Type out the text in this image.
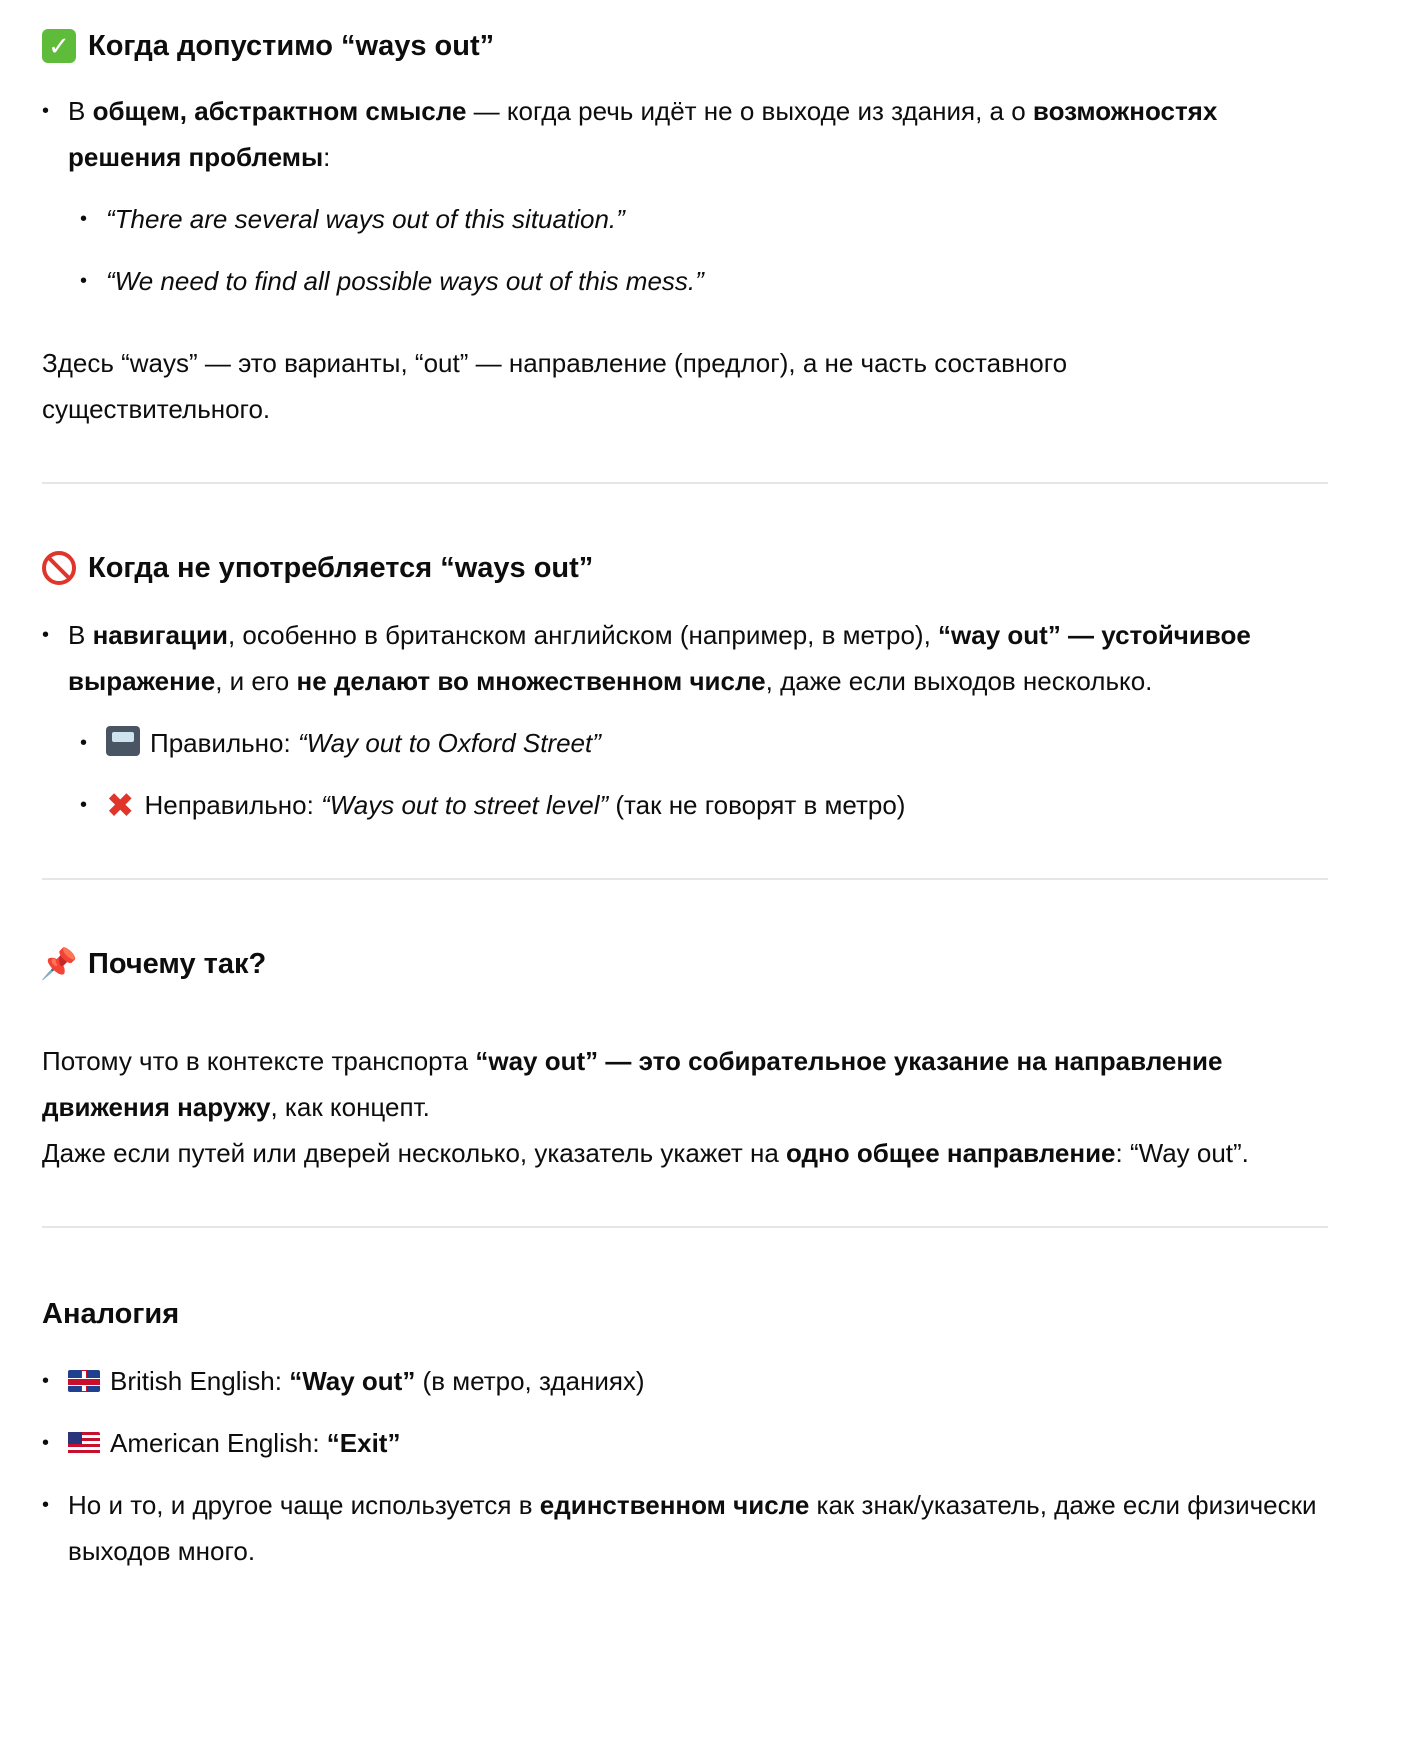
✓ Когда допустимо “ways out”
• В общем, абстрактном смысле — когда речь идёт не о выходе из здания, а о возможностях решения проблемы:
• “There are several ways out of this situation.”
• “We need to find all possible ways out of this mess.”

Здесь “ways” — это варианты, “out” — направление (предлог), а не часть составного
существительного.

Когда не употребляется “ways out”
• В навигации, особенно в британском английском (например, в метро), “way out” — устойчивое выражение, и его не делают во множественном числе, даже если выходов несколько.
• Правильно: “Way out to Oxford Street”
• ✖ Неправильно: “Ways out to street level” (так не говорят в метро)
📌 Почему так?

Потому что в контексте транспорта “way out” — это собирательное указание на направление движения наружу, как концепт.
Даже если путей или дверей несколько, указатель укажет на одно общее направление: “Way out”.

Аналогия
• British English: “Way out” (в метро, зданиях)
• American English: “Exit”
• Но и то, и другое чаще используется в единственном числе как знак/указатель, даже если физически выходов много.
